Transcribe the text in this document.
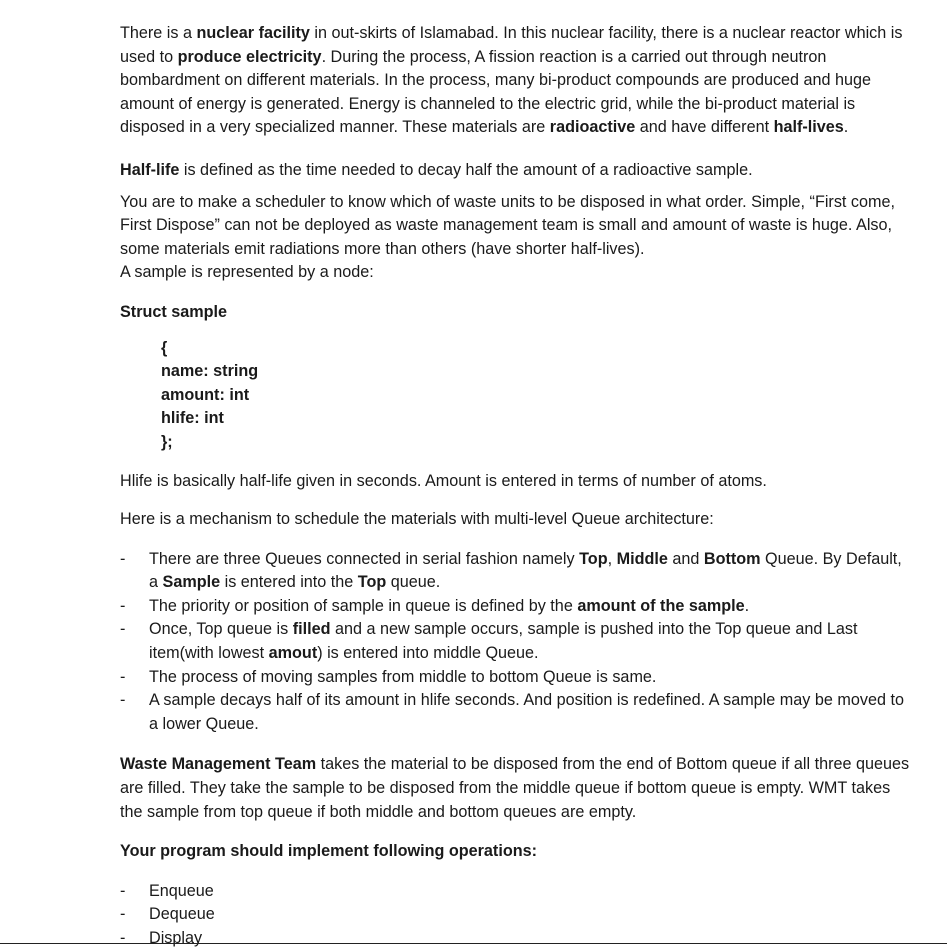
There is a nuclear facility in out-skirts of Islamabad. In this nuclear facility, there is a nuclear reactor which is used to produce electricity. During the process, A fission reaction is a carried out through neutron bombardment on different materials. In the process, many bi-product compounds are produced and huge amount of energy is generated. Energy is channeled to the electric grid, while the bi-product material is disposed in a very specialized manner. These materials are radioactive and have different half-lives.

Half-life is defined as the time needed to decay half the amount of a radioactive sample.

You are to make a scheduler to know which of waste units to be disposed in what order. Simple, “First come, First Dispose” can not be deployed as waste management team is small and amount of waste is huge. Also, some materials emit radiations more than others (have shorter half-lives).
A sample is represented by a node:

Struct sample

{
name: string
amount: int
hlife: int
};

Hlife is basically half-life given in seconds. Amount is entered in terms of number of atoms.

Here is a mechanism to schedule the materials with multi-level Queue architecture:

- There are three Queues connected in serial fashion namely Top, Middle and Bottom Queue. By Default, a Sample is entered into the Top queue.
- The priority or position of sample in queue is defined by the amount of the sample.
- Once, Top queue is filled and a new sample occurs, sample is pushed into the Top queue and Last item(with lowest amout) is entered into middle Queue.
- The process of moving samples from middle to bottom Queue is same.
- A sample decays half of its amount in hlife seconds. And position is redefined. A sample may be moved to a lower Queue.

Waste Management Team takes the material to be disposed from the end of Bottom queue if all three queues are filled. They take the sample to be disposed from the middle queue if bottom queue is empty. WMT takes the sample from top queue if both middle and bottom queues are empty.

Your program should implement following operations:

- Enqueue
- Dequeue
- Display
